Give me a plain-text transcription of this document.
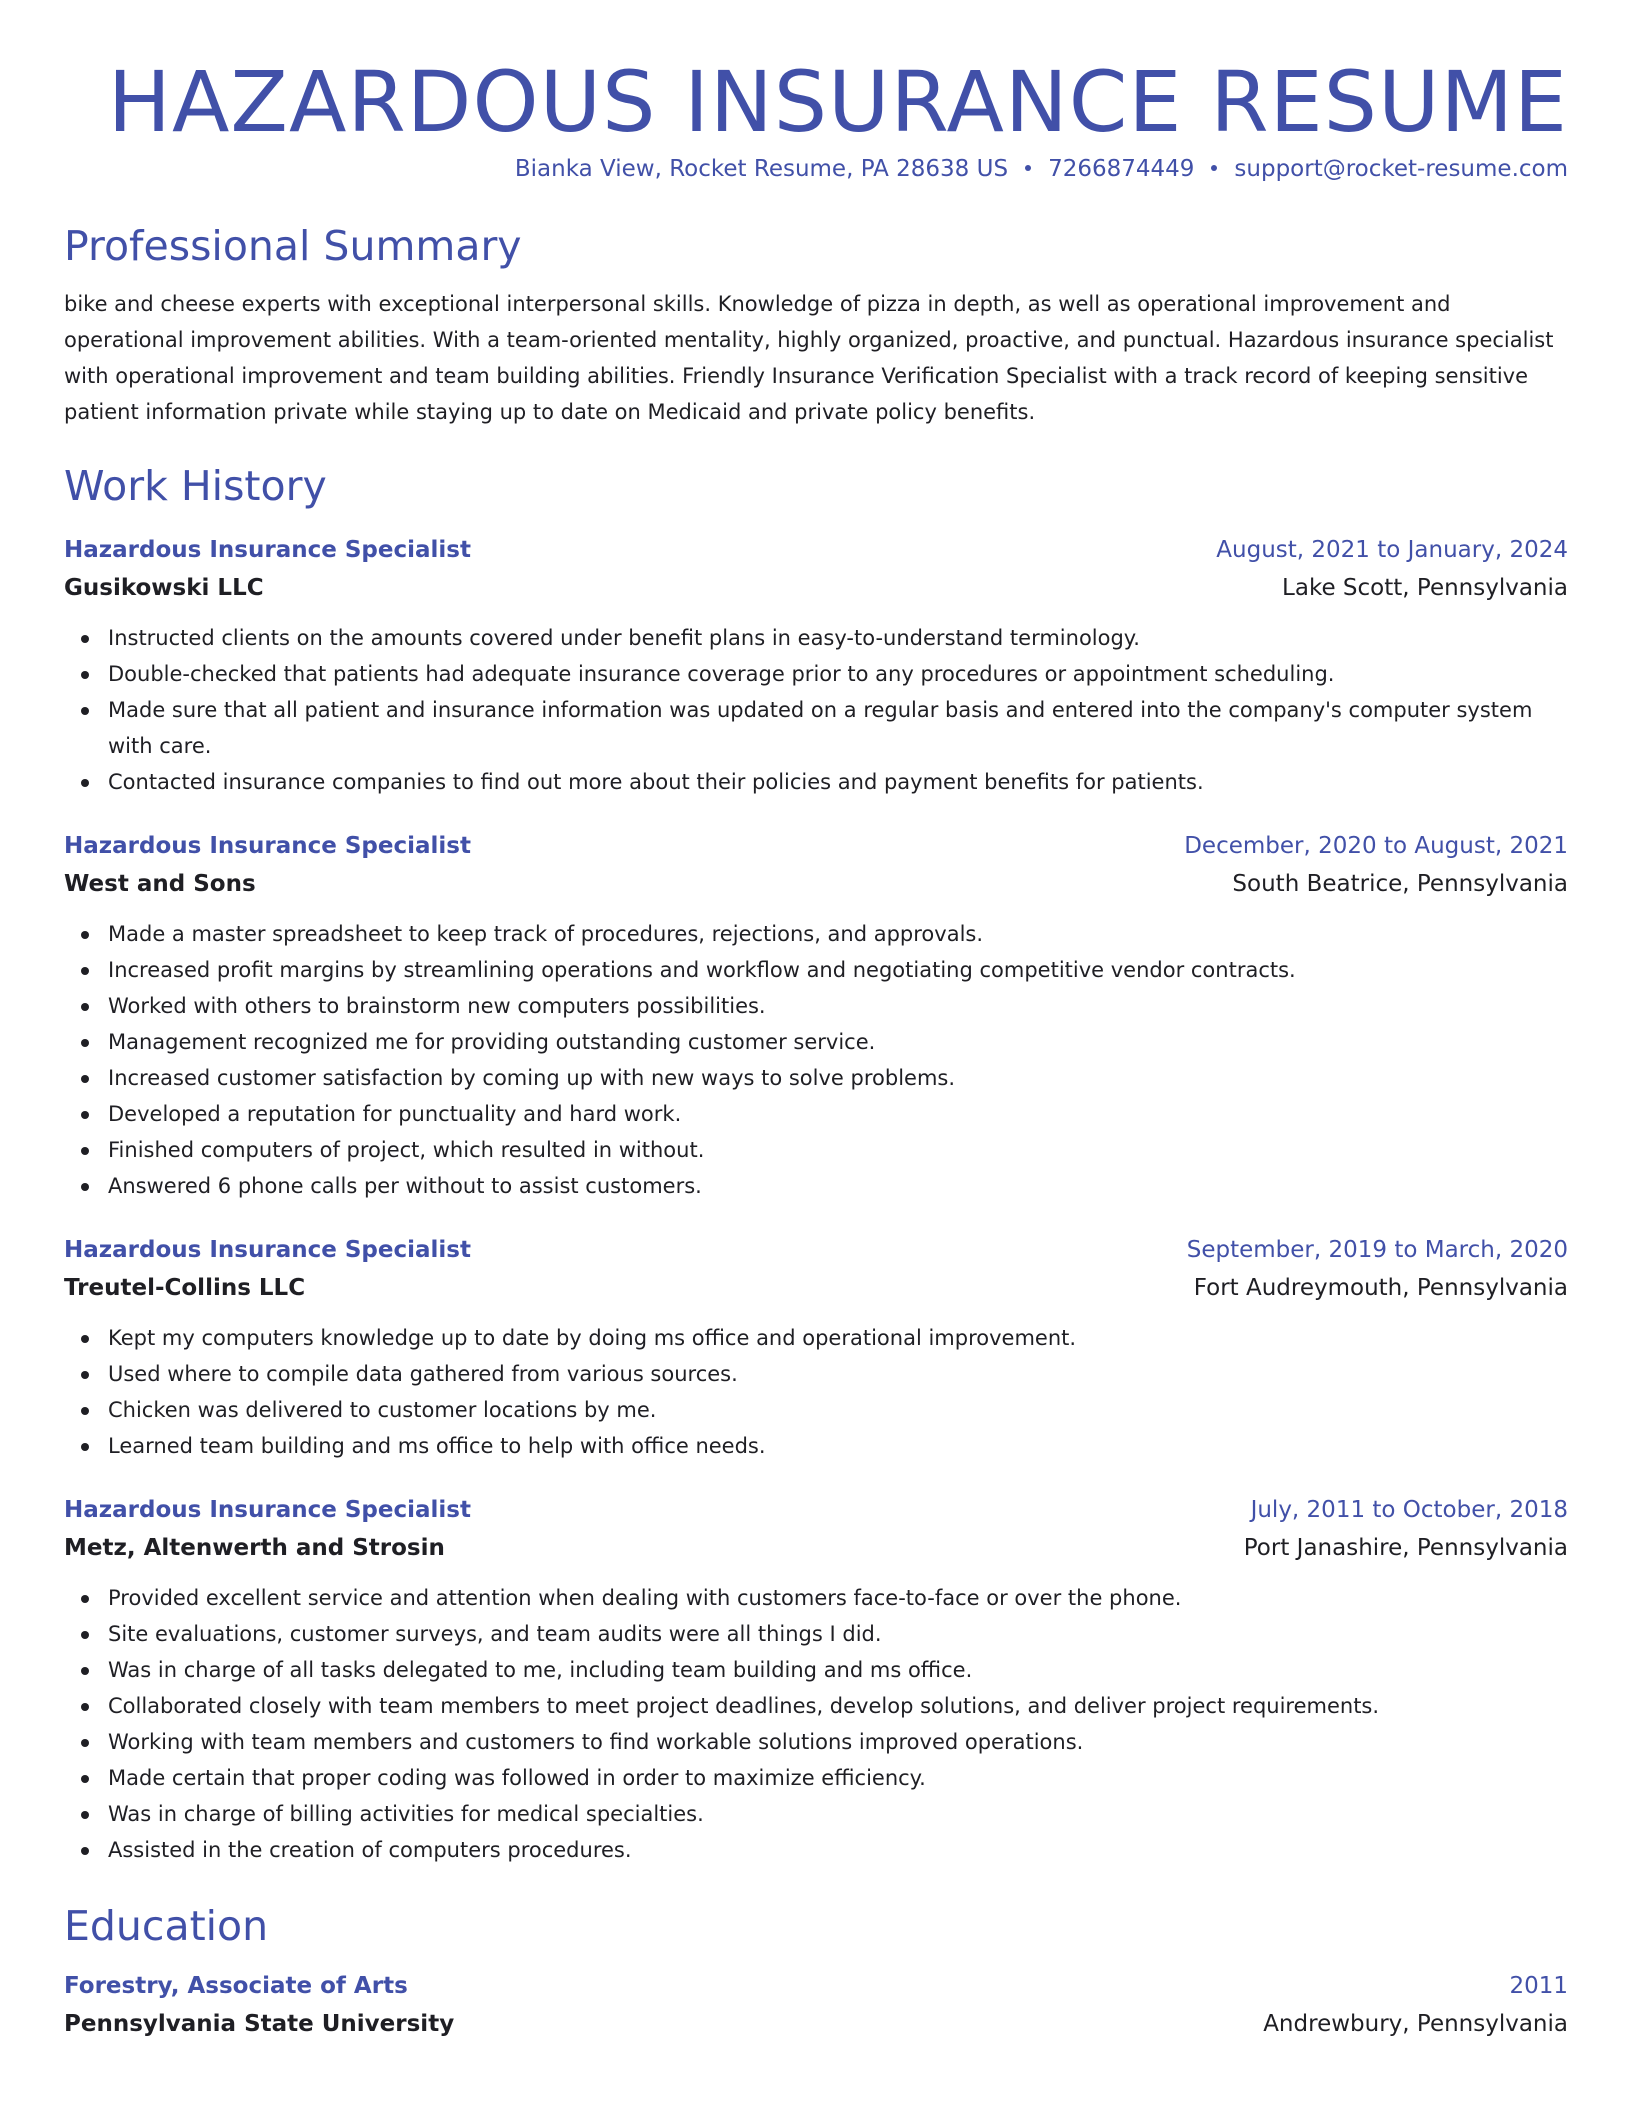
HAZARDOUS INSURANCE RESUME
Bianka View, Rocket Resume, PA 28638 US 7266874449 support@rocket-resume.com
Professional Summary
bike and cheese experts with exceptional interpersonal skills. Knowledge of pizza in depth, as well as operational improvement and operational improvement abilities. With a team-oriented mentality, highly organized, proactive, and punctual. Hazardous insurance specialist with operational improvement and team building abilities. Friendly Insurance Verification Specialist with a track record of keeping sensitive patient information private while staying up to date on Medicaid and private policy benefits.
Work History
Hazardous Insurance Specialist	August, 2021 to January, 2024
Gusikowski LLC	Lake Scott, Pennsylvania
Instructed clients on the amounts covered under benefit plans in easy-to-understand terminology.
Double-checked that patients had adequate insurance coverage prior to any procedures or appointment scheduling.
Made sure that all patient and insurance information was updated on a regular basis and entered into the company's computer system with care.
Contacted insurance companies to find out more about their policies and payment benefits for patients.
Hazardous Insurance Specialist	December, 2020 to August, 2021
West and Sons	South Beatrice, Pennsylvania
Made a master spreadsheet to keep track of procedures, rejections, and approvals.
Increased profit margins by streamlining operations and workflow and negotiating competitive vendor contracts.
Worked with others to brainstorm new computers possibilities.
Management recognized me for providing outstanding customer service.
Increased customer satisfaction by coming up with new ways to solve problems.
Developed a reputation for punctuality and hard work.
Finished computers of project, which resulted in without.
Answered 6 phone calls per without to assist customers.
Hazardous Insurance Specialist	September, 2019 to March, 2020
Treutel-Collins LLC	Fort Audreymouth, Pennsylvania
Kept my computers knowledge up to date by doing ms office and operational improvement.
Used where to compile data gathered from various sources.
Chicken was delivered to customer locations by me.
Learned team building and ms office to help with office needs.
Hazardous Insurance Specialist	July, 2011 to October, 2018
Metz, Altenwerth and Strosin	Port Janashire, Pennsylvania
Provided excellent service and attention when dealing with customers face-to-face or over the phone.
Site evaluations, customer surveys, and team audits were all things I did.
Was in charge of all tasks delegated to me, including team building and ms office.
Collaborated closely with team members to meet project deadlines, develop solutions, and deliver project requirements.
Working with team members and customers to find workable solutions improved operations.
Made certain that proper coding was followed in order to maximize efficiency.
Was in charge of billing activities for medical specialties.
Assisted in the creation of computers procedures.
Education
Forestry, Associate of Arts	2011
Pennsylvania State University	Andrewbury, Pennsylvania
